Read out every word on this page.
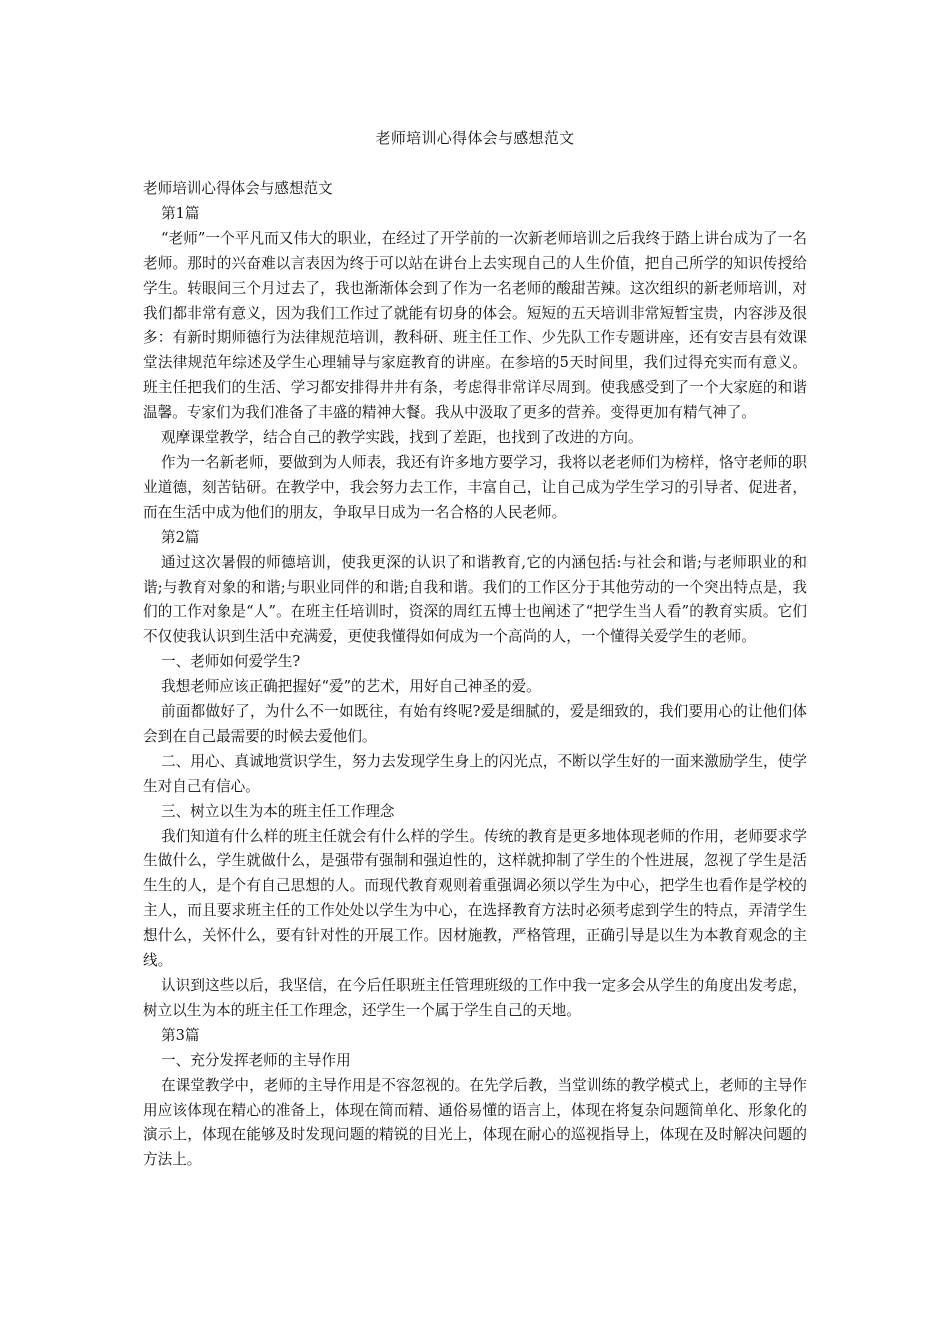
老师培训心得体会与感想范文

老师培训心得体会与感想范文

第1篇

“老师”一个平凡而又伟大的职业，在经过了开学前的一次新老师培训之后我终于踏上讲台成为了一名老师。那时的兴奋难以言表因为终于可以站在讲台上去实现自己的人生价值，把自己所学的知识传授给学生。转眼间三个月过去了，我也渐渐体会到了作为一名老师的酸甜苦辣。这次组织的新老师培训，对我们都非常有意义，因为我们工作过了就能有切身的体会。短短的五天培训非常短暂宝贵，内容涉及很多：有新时期师德行为法律规范培训，教科研、班主任工作、少先队工作专题讲座，还有安吉县有效课堂法律规范年综述及学生心理辅导与家庭教育的讲座。在参培的5天时间里，我们过得充实而有意义。班主任把我们的生活、学习都安排得井井有条，考虑得非常详尽周到。使我感受到了一个大家庭的和谐温馨。专家们为我们准备了丰盛的精神大餐。我从中汲取了更多的营养。变得更加有精气神了。

观摩课堂教学，结合自己的教学实践，找到了差距，也找到了改进的方向。

作为一名新老师，要做到为人师表，我还有许多地方要学习，我将以老老师们为榜样，恪守老师的职业道德，刻苦钻研。在教学中，我会努力去工作，丰富自己，让自己成为学生学习的引导者、促进者，而在生活中成为他们的朋友，争取早日成为一名合格的人民老师。

第2篇

通过这次暑假的师德培训，使我更深的认识了和谐教育,它的内涵包括:与社会和谐;与老师职业的和谐;与教育对象的和谐;与职业同伴的和谐;自我和谐。我们的工作区分于其他劳动的一个突出特点是，我们的工作对象是“人”。在班主任培训时，资深的周红五博士也阐述了“把学生当人看”的教育实质。它们不仅使我认识到生活中充满爱，更使我懂得如何成为一个高尚的人，一个懂得关爱学生的老师。

一、老师如何爱学生?

我想老师应该正确把握好“爱”的艺术，用好自己神圣的爱。

前面都做好了，为什么不一如既往，有始有终呢?爱是细腻的，爱是细致的，我们要用心的让他们体会到在自己最需要的时候去爱他们。

二、用心、真诚地赏识学生，努力去发现学生身上的闪光点，不断以学生好的一面来激励学生，使学生对自己有信心。

三、树立以生为本的班主任工作理念

我们知道有什么样的班主任就会有什么样的学生。传统的教育是更多地体现老师的作用，老师要求学生做什么，学生就做什么，是强带有强制和强迫性的，这样就抑制了学生的个性进展，忽视了学生是活生生的人，是个有自己思想的人。而现代教育观则着重强调必须以学生为中心，把学生也看作是学校的主人，而且要求班主任的工作处处以学生为中心，在选择教育方法时必须考虑到学生的特点，弄清学生想什么，关怀什么，要有针对性的开展工作。因材施教，严格管理，正确引导是以生为本教育观念的主线。

认识到这些以后，我坚信，在今后任职班主任管理班级的工作中我一定多会从学生的角度出发考虑，树立以生为本的班主任工作理念，还学生一个属于学生自己的天地。

第3篇

一、充分发挥老师的主导作用

在课堂教学中，老师的主导作用是不容忽视的。在先学后教，当堂训练的教学模式上，老师的主导作用应该体现在精心的准备上，体现在简而精、通俗易懂的语言上，体现在将复杂问题简单化、形象化的演示上，体现在能够及时发现问题的精锐的目光上，体现在耐心的巡视指导上，体现在及时解决问题的方法上。
